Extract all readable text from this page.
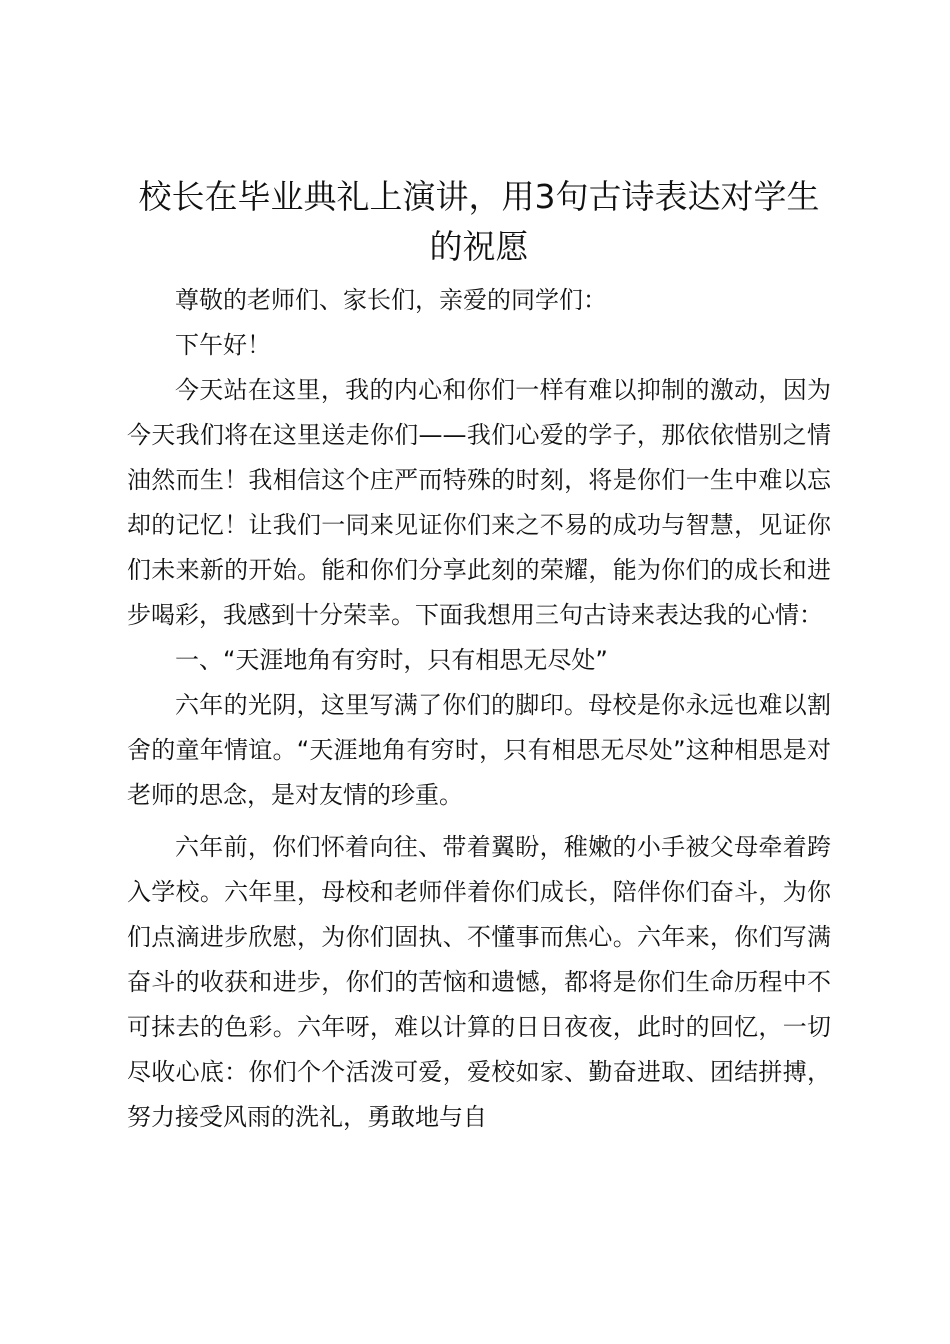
校长在毕业典礼上演讲，用3句古诗表达对学生的祝愿

尊敬的老师们、家长们，亲爱的同学们：

下午好！

今天站在这里，我的内心和你们一样有难以抑制的激动，因为今天我们将在这里送走你们——我们心爱的学子，那依依惜别之情油然而生！我相信这个庄严而特殊的时刻，将是你们一生中难以忘却的记忆！让我们一同来见证你们来之不易的成功与智慧，见证你们未来新的开始。能和你们分享此刻的荣耀，能为你们的成长和进步喝彩，我感到十分荣幸。下面我想用三句古诗来表达我的心情：

一、“天涯地角有穷时，只有相思无尽处”

六年的光阴，这里写满了你们的脚印。母校是你永远也难以割舍的童年情谊。“天涯地角有穷时，只有相思无尽处”这种相思是对老师的思念，是对友情的珍重。

六年前，你们怀着向往、带着翼盼，稚嫩的小手被父母牵着跨入学校。六年里，母校和老师伴着你们成长，陪伴你们奋斗，为你们点滴进步欣慰，为你们固执、不懂事而焦心。六年来，你们写满奋斗的收获和进步，你们的苦恼和遗憾，都将是你们生命历程中不可抹去的色彩。六年呀，难以计算的日日夜夜，此时的回忆，一切尽收心底：你们个个活泼可爱，爱校如家、勤奋进取、团结拼搏，努力接受风雨的洗礼，勇敢地与自
